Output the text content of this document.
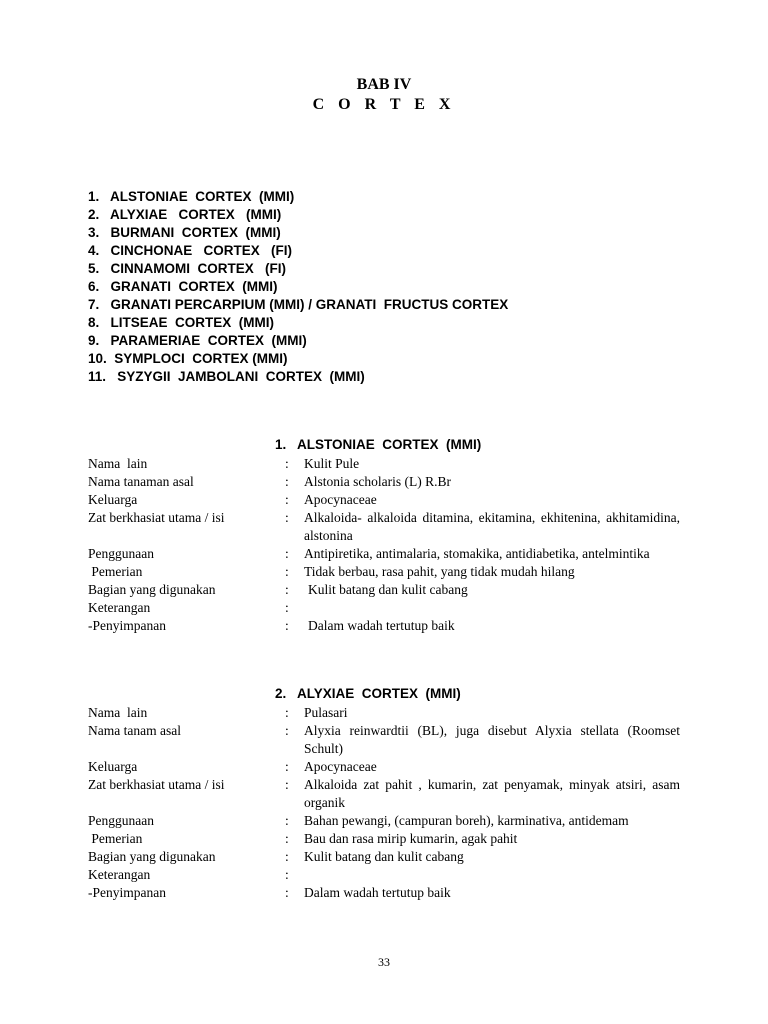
BAB IV
C O R T E X
1.   ALSTONIAE  CORTEX  (MMI)
2.   ALYXIAE   CORTEX   (MMI)
3.   BURMANI  CORTEX  (MMI)
4.   CINCHONAE   CORTEX   (FI)
5.   CINNAMOMI  CORTEX   (FI)
6.   GRANATI  CORTEX  (MMI)
7.   GRANATI PERCARPIUM (MMI) / GRANATI  FRUCTUS CORTEX
8.   LITSEAE  CORTEX  (MMI)
9.   PARAMERIAE  CORTEX  (MMI)
10.  SYMPLOCI  CORTEX (MMI)
11.   SYZYGII  JAMBOLANI  CORTEX  (MMI)
1.   ALSTONIAE  CORTEX  (MMI)
Nama  lain	: Kulit Pule
Nama tanaman asal	: Alstonia scholaris (L) R.Br
Keluarga	: Apocynaceae
Zat berkhasiat utama / isi	: Alkaloida- alkaloida ditamina, ekitamina, ekhitenina, akhitamidina, alstonina
Penggunaan	: Antipiretika, antimalaria, stomakika, antidiabetika, antelmintika
Pemerian	: Tidak berbau, rasa pahit, yang tidak mudah hilang
Bagian yang digunakan	: Kulit batang dan kulit cabang
Keterangan	:
-Penyimpanan	: Dalam wadah tertutup baik
2.   ALYXIAE  CORTEX  (MMI)
Nama  lain	: Pulasari
Nama tanam asal	: Alyxia reinwardtii (BL), juga disebut Alyxia stellata (Roomset Schult)
Keluarga	: Apocynaceae
Zat berkhasiat utama / isi	: Alkaloida zat pahit , kumarin, zat penyamak, minyak atsiri, asam organik
Penggunaan	: Bahan pewangi, (campuran boreh), karminativa, antidemam
Pemerian	: Bau dan rasa mirip kumarin, agak pahit
Bagian yang digunakan	: Kulit batang dan kulit cabang
Keterangan	:
-Penyimpanan	: Dalam wadah tertutup baik
33
